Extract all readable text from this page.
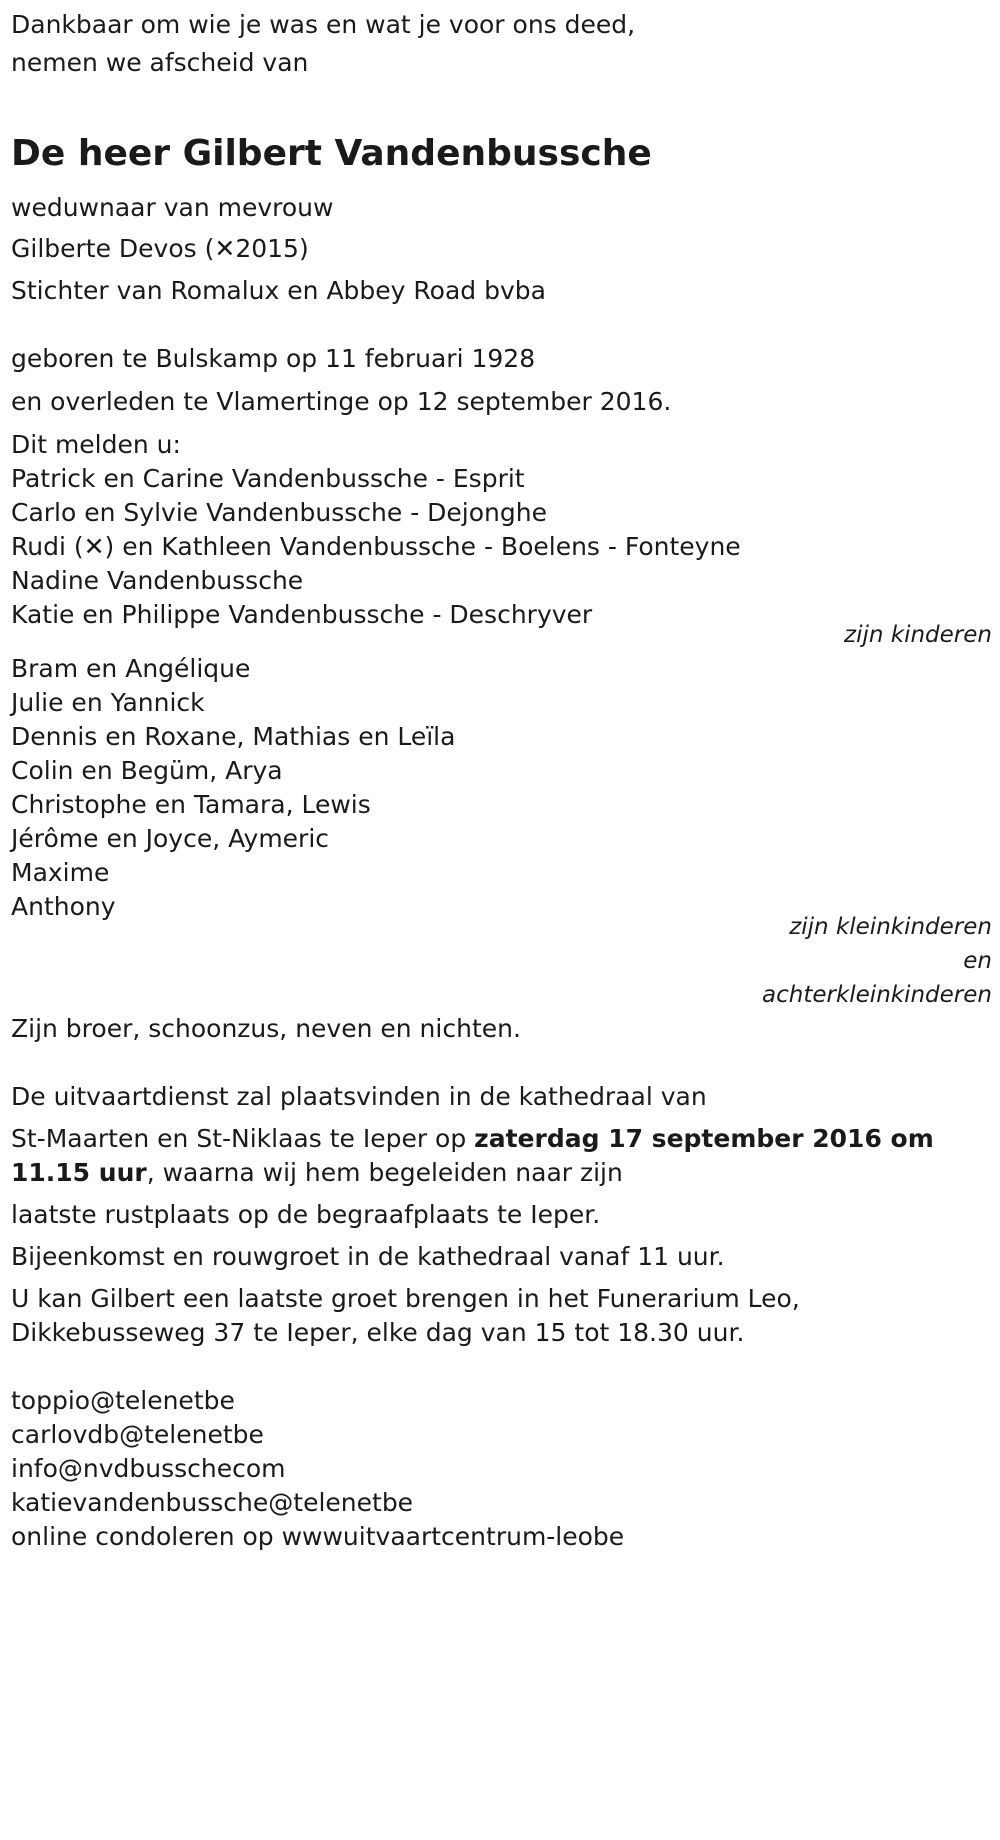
Dankbaar om wie je was en wat je voor ons deed,
nemen we afscheid van
De heer Gilbert Vandenbussche
weduwnaar van mevrouw
Gilberte Devos (✕2015)
Stichter van Romalux en Abbey Road bvba
geboren te Bulskamp op 11 februari 1928
en overleden te Vlamertinge op 12 september 2016.
Dit melden u:
Patrick en Carine Vandenbussche - Esprit
Carlo en Sylvie Vandenbussche - Dejonghe
Rudi (✕) en Kathleen Vandenbussche - Boelens - Fonteyne
Nadine Vandenbussche
Katie en Philippe Vandenbussche - Deschryver
zijn kinderen
Bram en Angélique
Julie en Yannick
Dennis en Roxane, Mathias en Leïla
Colin en Begüm, Arya
Christophe en Tamara, Lewis
Jérôme en Joyce, Aymeric
Maxime
Anthony
zijn kleinkinderen
en
achterkleinkinderen
Zijn broer, schoonzus, neven en nichten.
De uitvaartdienst zal plaatsvinden in de kathedraal van
St-Maarten en St-Niklaas te Ieper op zaterdag 17 september 2016 om
11.15 uur, waarna wij hem begeleiden naar zijn
laatste rustplaats op de begraafplaats te Ieper.
Bijeenkomst en rouwgroet in de kathedraal vanaf 11 uur.
U kan Gilbert een laatste groet brengen in het Funerarium Leo,
Dikkebusseweg 37 te Ieper, elke dag van 15 tot 18.30 uur.
toppio@telenetbe
carlovdb@telenetbe
info@nvdbusschecom
katievandenbussche@telenetbe
online condoleren op wwwuitvaartcentrum-leobe
